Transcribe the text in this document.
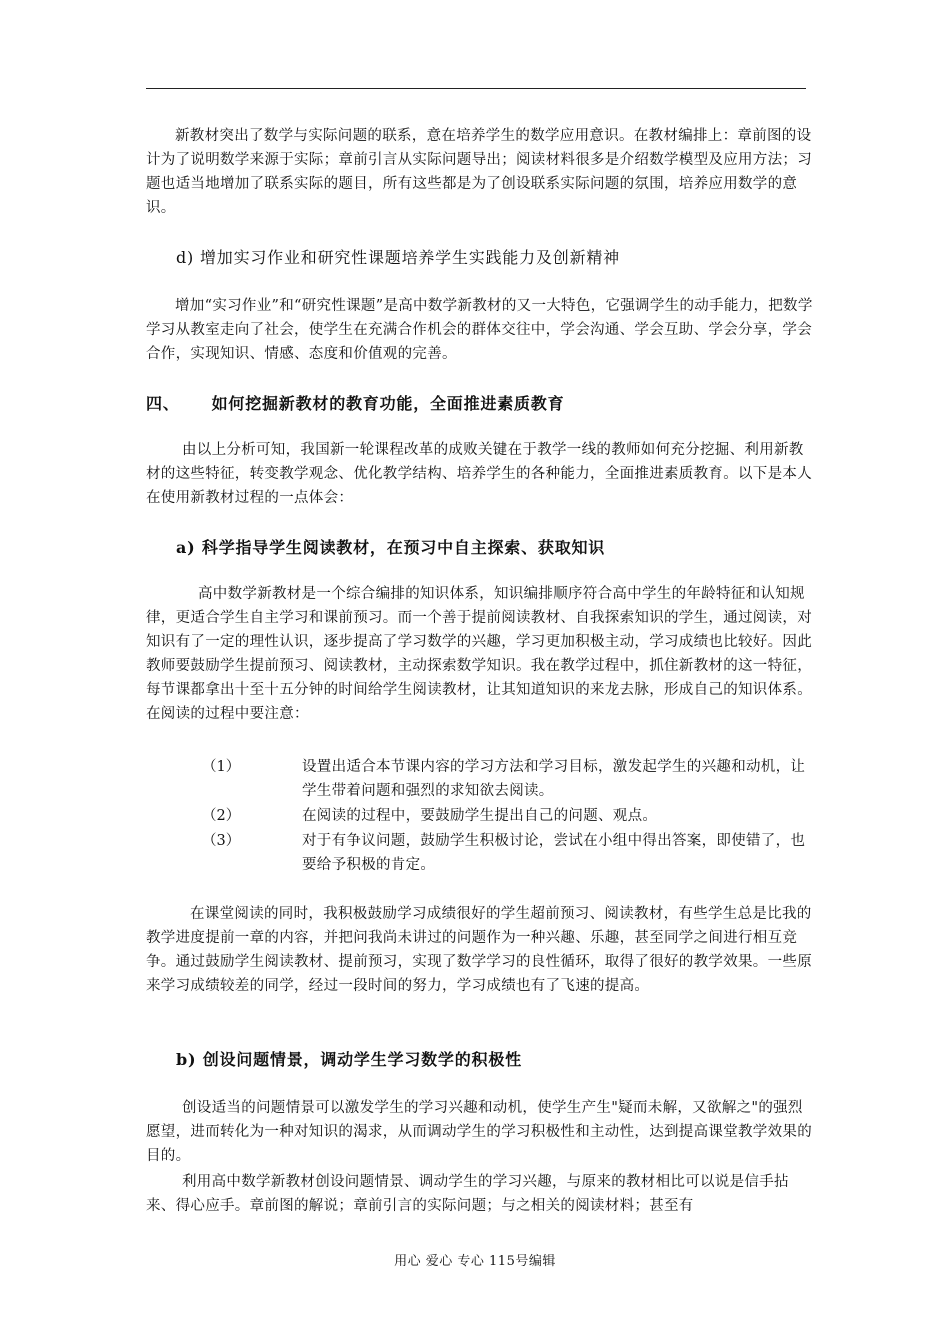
新教材突出了数学与实际问题的联系，意在培养学生的数学应用意识。在教材编排上：章前图的设计为了说明数学来源于实际；章前引言从实际问题导出；阅读材料很多是介绍数学模型及应用方法；习题也适当地增加了联系实际的题目，所有这些都是为了创设联系实际问题的氛围，培养应用数学的意识。
d) 增加实习作业和研究性课题培养学生实践能力及创新精神
增加“实习作业”和“研究性课题”是高中数学新教材的又一大特色，它强调学生的动手能力，把数学学习从教室走向了社会，使学生在充满合作机会的群体交往中，学会沟通、学会互助、学会分享，学会合作，实现知识、情感、态度和价值观的完善。
四、 如何挖掘新教材的教育功能，全面推进素质教育
由以上分析可知，我国新一轮课程改革的成败关键在于教学一线的教师如何充分挖掘、利用新教材的这些特征，转变教学观念、优化教学结构、培养学生的各种能力，全面推进素质教育。以下是本人在使用新教材过程的一点体会：
a) 科学指导学生阅读教材，在预习中自主探索、获取知识
高中数学新教材是一个综合编排的知识体系，知识编排顺序符合高中学生的年龄特征和认知规律，更适合学生自主学习和课前预习。而一个善于提前阅读教材、自我探索知识的学生，通过阅读，对知识有了一定的理性认识，逐步提高了学习数学的兴趣，学习更加积极主动，学习成绩也比较好。因此教师要鼓励学生提前预习、阅读教材，主动探索数学知识。我在教学过程中，抓住新教材的这一特征，每节课都拿出十至十五分钟的时间给学生阅读教材，让其知道知识的来龙去脉，形成自己的知识体系。在阅读的过程中要注意：
（1）	设置出适合本节课内容的学习方法和学习目标，激发起学生的兴趣和动机，让学生带着问题和强烈的求知欲去阅读。
（2）	在阅读的过程中，要鼓励学生提出自己的问题、观点。
（3）	对于有争议问题，鼓励学生积极讨论，尝试在小组中得出答案，即使错了，也要给予积极的肯定。
在课堂阅读的同时，我积极鼓励学习成绩很好的学生超前预习、阅读教材，有些学生总是比我的教学进度提前一章的内容，并把问我尚未讲过的问题作为一种兴趣、乐趣，甚至同学之间进行相互竞争。通过鼓励学生阅读教材、提前预习，实现了数学学习的良性循环，取得了很好的教学效果。一些原来学习成绩较差的同学，经过一段时间的努力，学习成绩也有了飞速的提高。
b) 创设问题情景，调动学生学习数学的积极性
创设适当的问题情景可以激发学生的学习兴趣和动机，使学生产生"疑而未解，又欲解之"的强烈愿望，进而转化为一种对知识的渴求，从而调动学生的学习积极性和主动性，达到提高课堂教学效果的目的。
利用高中数学新教材创设问题情景、调动学生的学习兴趣，与原来的教材相比可以说是信手拈来、得心应手。章前图的解说；章前引言的实际问题；与之相关的阅读材料；甚至有
用心 爱心 专心 115号编辑
